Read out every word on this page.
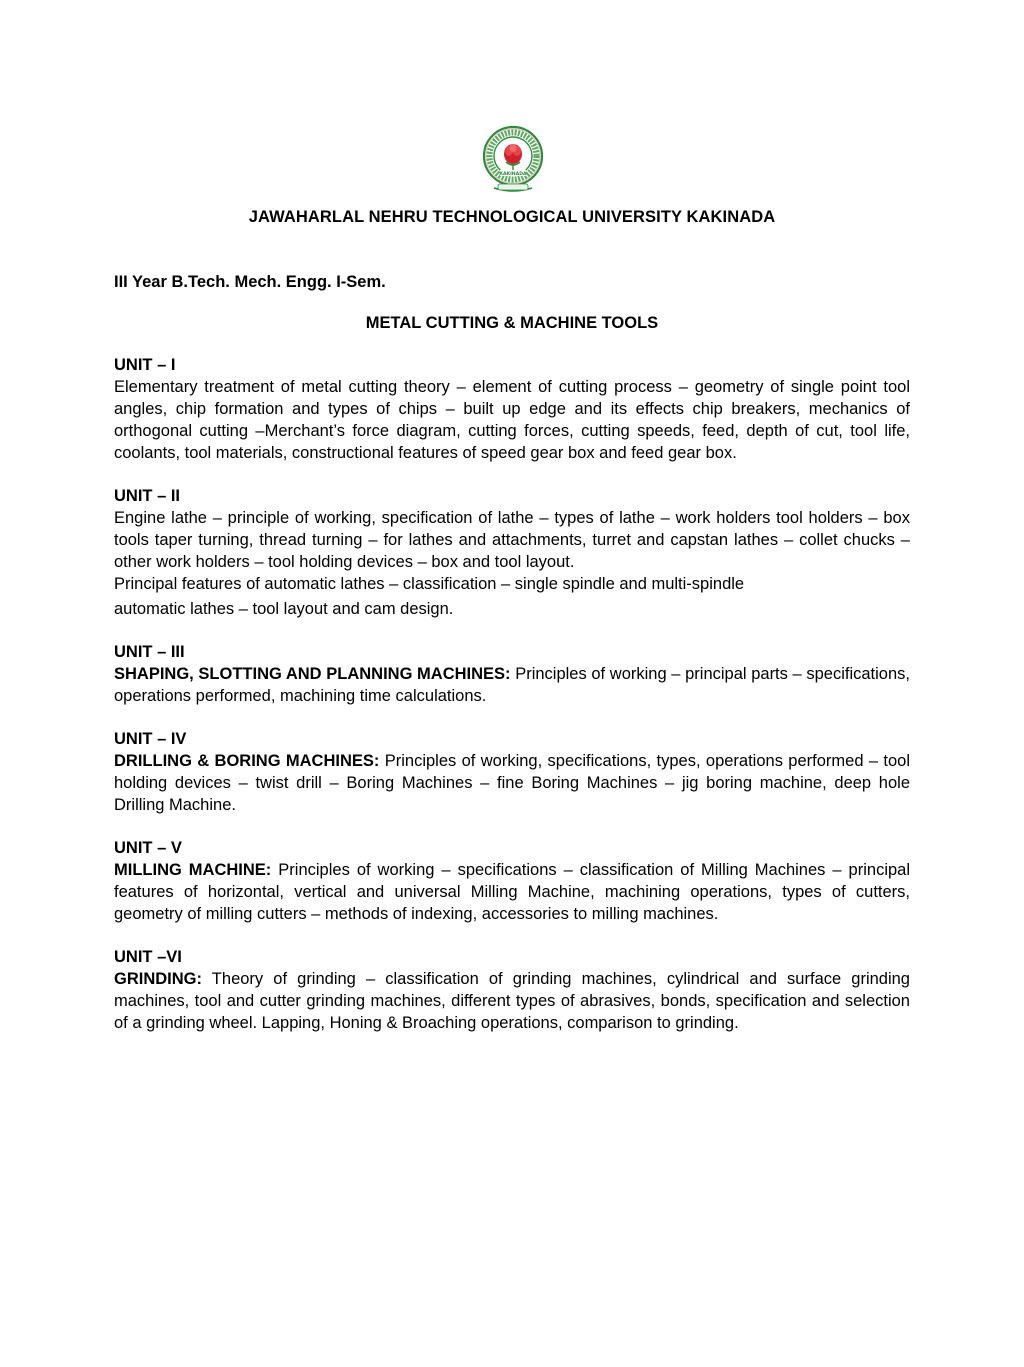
KAKINADA
JAWAHARLAL NEHRU TECHNOLOGICAL UNIVERSITY KAKINADA
III Year B.Tech. Mech. Engg. I-Sem.
METAL CUTTING & MACHINE TOOLS
UNIT – I

Elementary treatment of metal cutting theory – element of cutting process – geometry of single point tool angles, chip formation and types of chips – built up edge and its effects chip breakers, mechanics of orthogonal cutting –Merchant’s force diagram, cutting forces, cutting speeds, feed, depth of cut, tool life, coolants, tool materials, constructional features of speed gear box and feed gear box.

UNIT – II

Engine lathe – principle of working, specification of lathe – types of lathe – work holders tool holders – box tools taper turning, thread turning – for lathes and attachments, turret and capstan lathes – collet chucks – other work holders – tool holding devices – box and tool layout.

Principal features of automatic lathes – classification – single spindle and multi-spindle

automatic lathes – tool layout and cam design.

UNIT – III

SHAPING, SLOTTING AND PLANNING MACHINES: Principles of working – principal parts – specifications, operations performed, machining time calculations.

UNIT – IV

DRILLING & BORING MACHINES: Principles of working, specifications, types, operations performed – tool holding devices – twist drill – Boring Machines – fine Boring Machines – jig boring machine, deep hole Drilling Machine.

UNIT – V

MILLING MACHINE: Principles of working – specifications – classification of Milling Machines – principal features of horizontal, vertical and universal Milling Machine, machining operations, types of cutters, geometry of milling cutters – methods of indexing, accessories to milling machines.

UNIT –VI

GRINDING: Theory of grinding – classification of grinding machines, cylindrical and surface grinding machines, tool and cutter grinding machines, different types of abrasives, bonds, specification and selection of a grinding wheel. Lapping, Honing & Broaching operations, comparison to grinding.
